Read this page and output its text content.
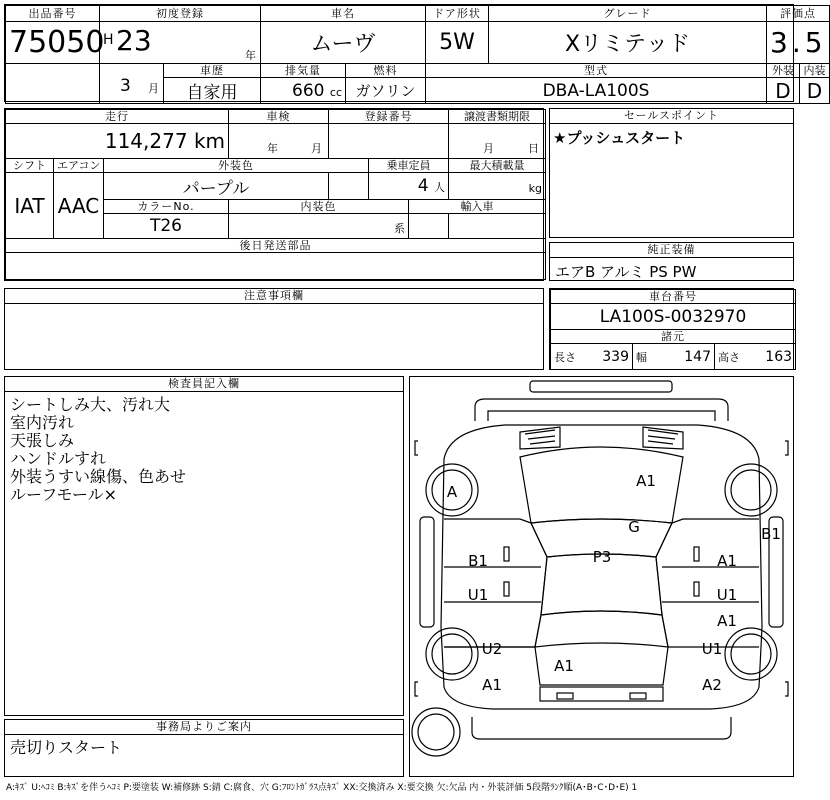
出品番号	初度登録		車名		ドア形状	グレード	評価点	
75050	H 23 年		ムーヴ		5W	Xリミテッド	3.5	

	3 月	車歴	排気量	燃料	型式		外装	内装
		自家用	660 cc	ガソリン	DBA-LA100S		D	D
走行			車検	登録番号			譲渡書類期限	
114,277 km			年 月				月 日	

シフト	エアコン	外装色			乗車定員		最大積載量	
IAT	AAC	パープル			4 人		kg	
		カラーNo.	内装色			輸入車	
		T26	系			
後日発送部品								

セールスポイント
★プッシュスタート
純正装備
エアB アルミ PS PW
注意事項欄	車台番号
LA100S-0032970
諸元
長さ 339	幅	147	高さ 163
検査員記入欄
シートしみ大、汚れ大
室内汚れ
天張しみ
ハンドルすれ
外装うすい線傷、色あせ
ルーフモール×
事務局よりご案内
売切りスタート
A1
A
G
B1	P3	A1
B1
U1	U1
A1
U2	U1
A1
A1	A2
A:ｷｽﾞ U:ﾍｺﾐ B:ｷｽﾞを伴うﾍｺﾐ P:要塗装 W:補修跡 S:錆 C:腐食、穴 G:ﾌﾛﾝﾄｶﾞﾗｽ点ｷｽﾞ XX:交換済み X:要交換 欠:欠品 内・外装評価 5段階ﾗﾝｸ順(A･B･C･D･E) 1
